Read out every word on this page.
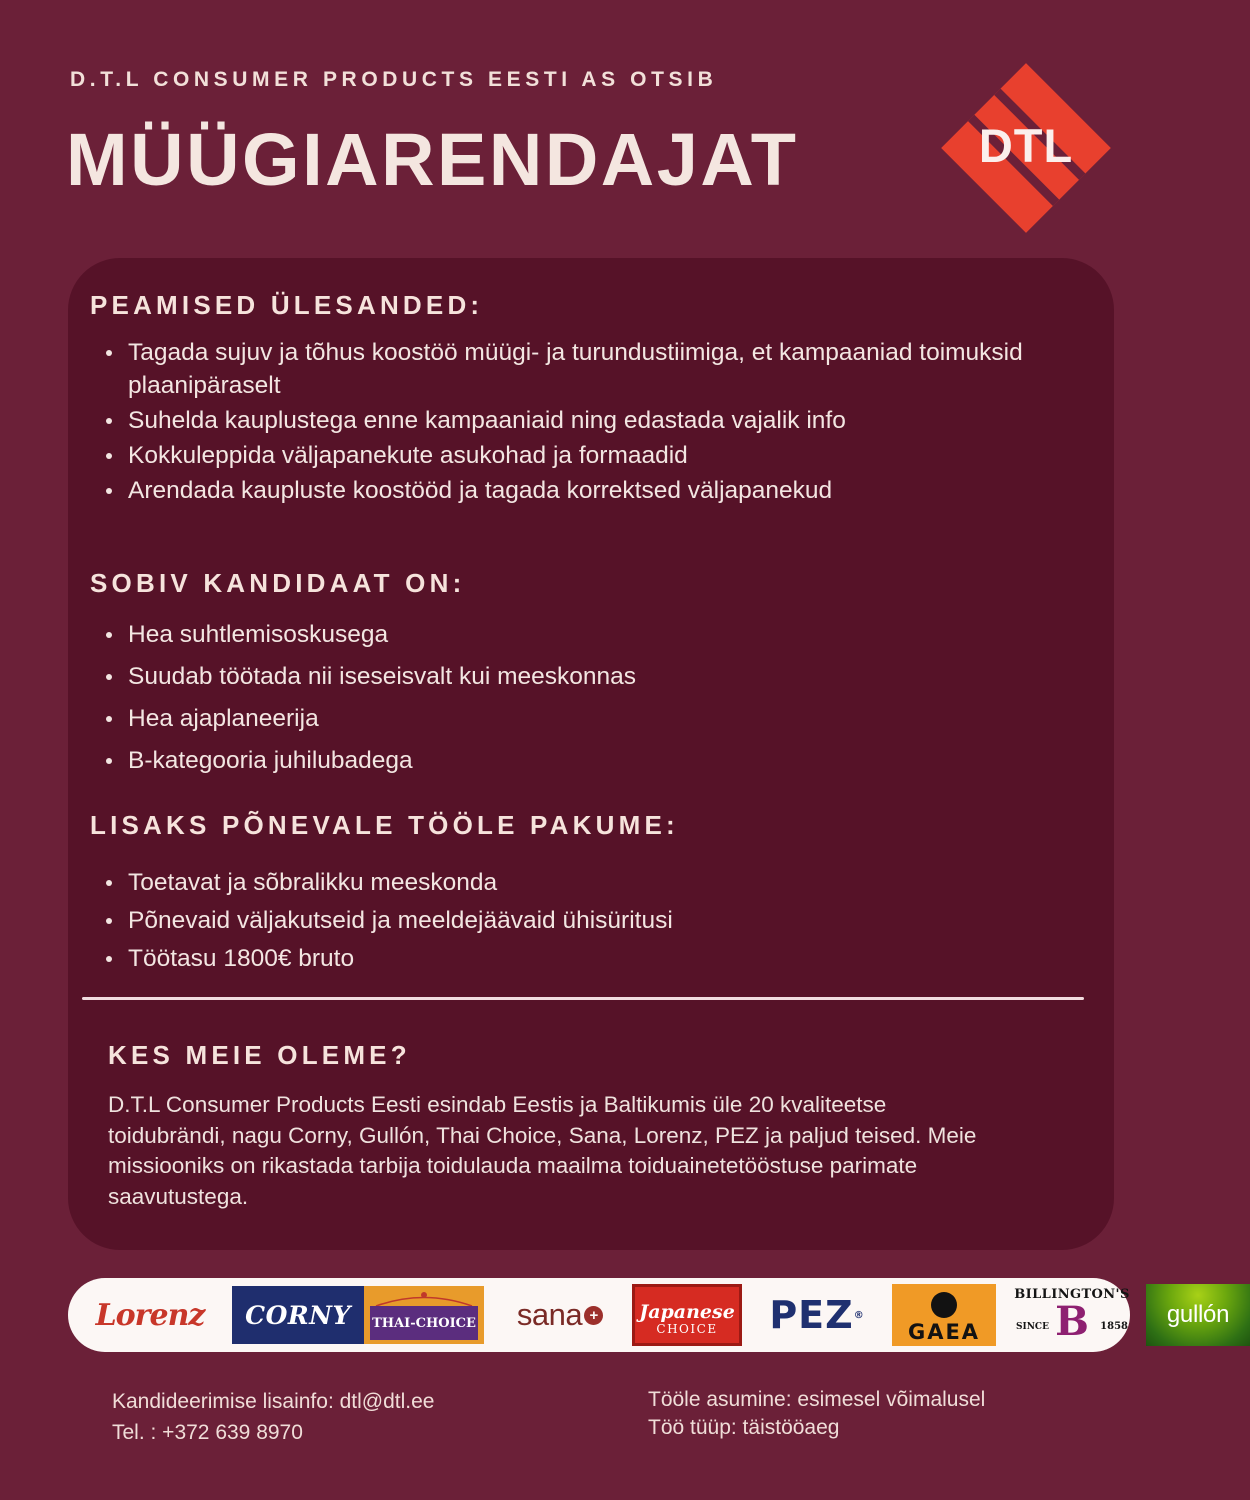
D.T.L CONSUMER PRODUCTS EESTI AS OTSIB
MÜÜGIARENDAJAT	DTL
PEAMISED ÜLESANDED:
Tagada sujuv ja tõhus koostöö müügi- ja turundustiimiga, et kampaaniad toimuksid plaanipäraselt
Suhelda kauplustega enne kampaaniaid ning edastada vajalik info
Kokkuleppida väljapanekute asukohad ja formaadid
Arendada kaupluste koostööd ja tagada korrektsed väljapanekud
SOBIV KANDIDAAT ON:
Hea suhtlemisoskusega
Suudab töötada nii iseseisvalt kui meeskonnas
Hea ajaplaneerija
B-kategooria juhilubadega
LISAKS PÕNEVALE TÖÖLE PAKUME:
Toetavat ja sõbralikku meeskonda
Põnevaid väljakutseid ja meeldejäävaid ühisüritusi
Töötasu 1800€ bruto
KES MEIE OLEME?
D.T.L Consumer Products Eesti esindab Eestis ja Baltikumis üle 20 kvaliteetse toidubrändi, nagu Corny, Gullón, Thai Choice, Sana, Lorenz, PEZ ja paljud teised. Meie missiooniks on rikastada tarbija toidulauda maailma toiduainetetööstuse parimate saavutustega.
Lorenz CORNY THAI- CHOICE sana + Japanese
CHOICE PEZ ®
GAEA
BILLINGTON'S
B
SINCE	1858 gullón
Kandideerimise lisainfo: dtl@dtl.ee
Tel. : +372 639 8970
Tööle asumine: esimesel võimalusel
Töö tüüp: täistööaeg
